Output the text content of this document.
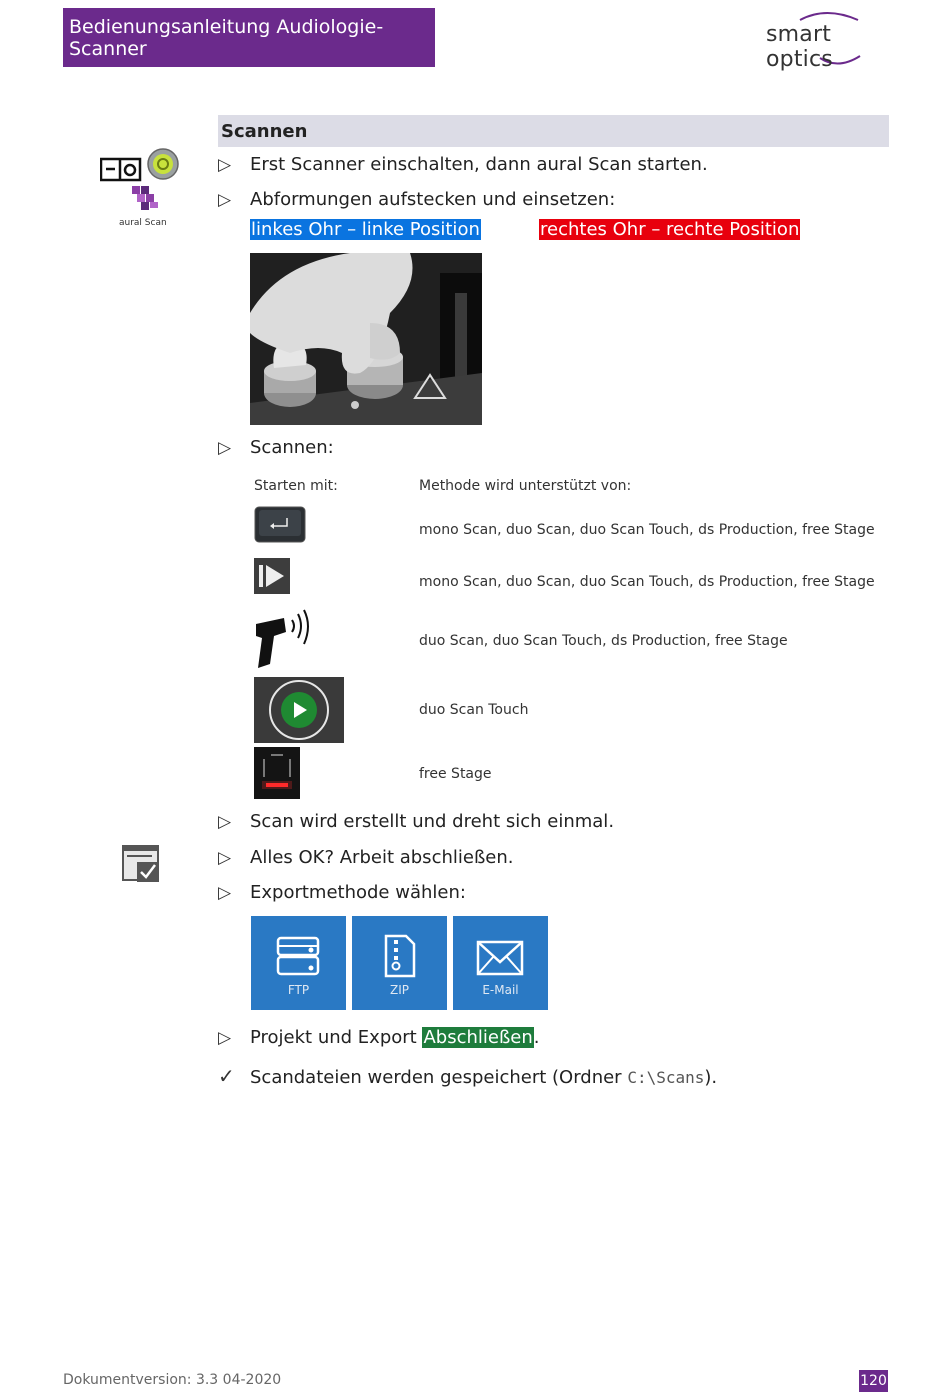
Bedienungsanleitung Audiologie-Scanner
smart optics
Scannen
aural Scan
▷ Erst Scanner einschalten, dann aural Scan starten.
▷ Abformungen aufstecken und einsetzen:
linkes Ohr – linke Position	rechtes Ohr – rechte Position
▷ Scannen:
Starten mit:	Methode wird unterstützt von:
mono Scan, duo Scan, duo Scan Touch, ds Production, free Stage
mono Scan, duo Scan, duo Scan Touch, ds Production, free Stage
duo Scan, duo Scan Touch, ds Production, free Stage
duo Scan Touch
free Stage
▷ Scan wird erstellt und dreht sich einmal.
▷ Alles OK? Arbeit abschließen.
▷ Exportmethode wählen:
FTP	ZIP	E-Mail
▷ Projekt und Export Abschließen.
✓ Scandateien werden gespeichert (Ordner C:\Scans).
Dokumentversion: 3.3 04-2020	120
